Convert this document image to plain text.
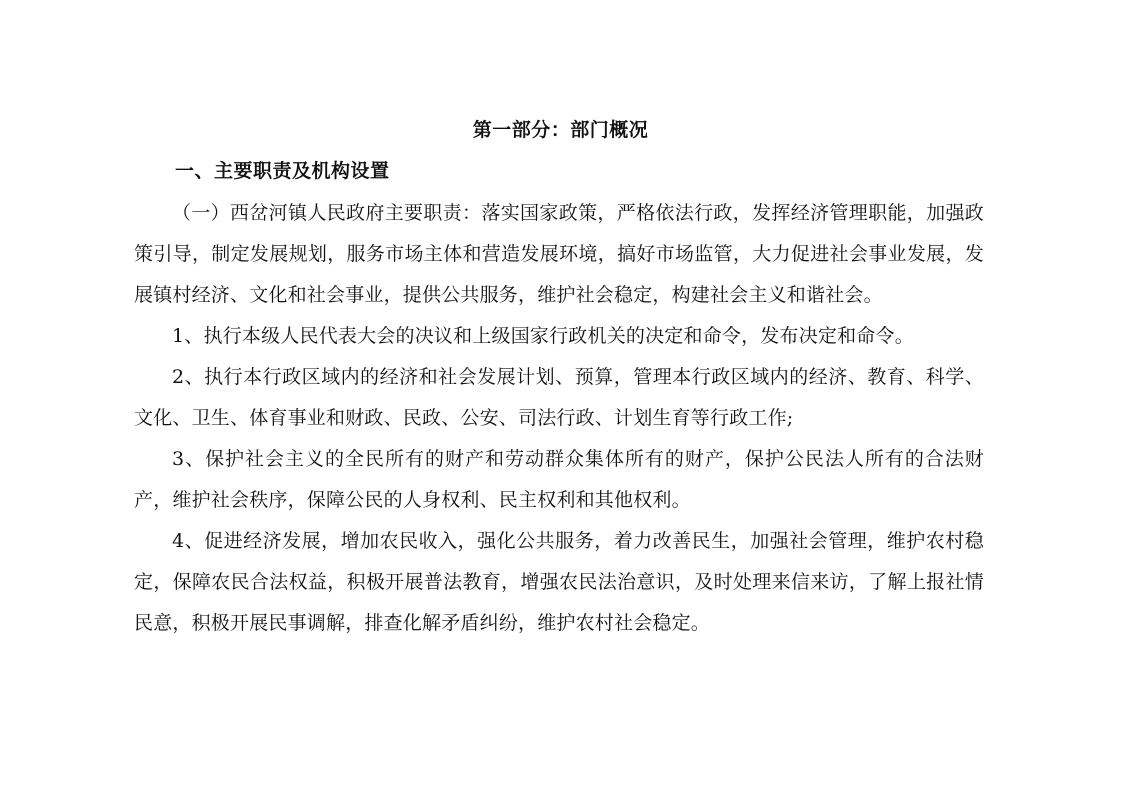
第一部分：部门概况
一、主要职责及机构设置

（一）西岔河镇人民政府主要职责：落实国家政策，严格依法行政，发挥经济管理职能，加强政策引导，制定发展规划，服务市场主体和营造发展环境，搞好市场监管，大力促进社会事业发展，发展镇村经济、文化和社会事业，提供公共服务，维护社会稳定，构建社会主义和谐社会。

1、执行本级人民代表大会的决议和上级国家行政机关的决定和命令，发布决定和命令。

2、执行本行政区域内的经济和社会发展计划、预算，管理本行政区域内的经济、教育、科学、文化、卫生、体育事业和财政、民政、公安、司法行政、计划生育等行政工作;

3、保护社会主义的全民所有的财产和劳动群众集体所有的财产，保护公民法人所有的合法财产，维护社会秩序，保障公民的人身权利、民主权利和其他权利。

4、促进经济发展，增加农民收入，强化公共服务，着力改善民生，加强社会管理，维护农村稳定，保障农民合法权益，积极开展普法教育，增强农民法治意识，及时处理来信来访，了解上报社情民意，积极开展民事调解，排查化解矛盾纠纷，维护农村社会稳定。
